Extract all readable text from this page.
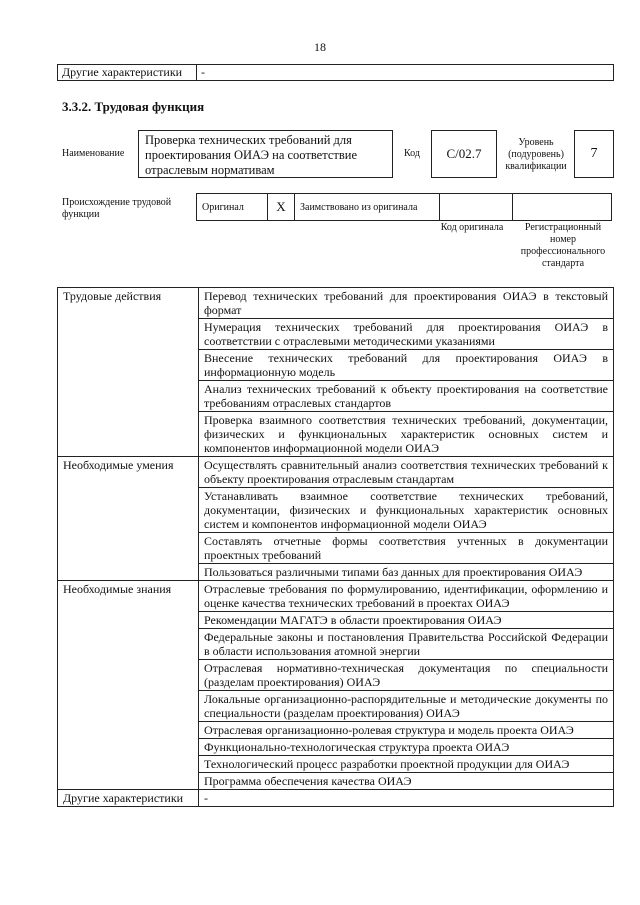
18
Другие характеристики	-
3.3.2. Трудовая функция
Наименование
Проверка технических требований для проектирования ОИАЭ на соответствие отраслевым нормативам
Код	С/02.7
Уровень (подуровень) квалификации
7
Происхождение трудовой функции
Оригинал	X	Заимствовано из оригинала		
Код оригинала	Регистрационный номер профессионального стандарта
Трудовые действия	Перевод технических требований для проектирования ОИАЭ в текстовый формат
	Нумерация технических требований для проектирования ОИАЭ в соответствии с отраслевыми методическими указаниями
	Внесение технических требований для проектирования ОИАЭ в информационную модель
	Анализ технических требований к объекту проектирования на соответствие требованиям отраслевых стандартов
	Проверка взаимного соответствия технических требований, документации, физических и функциональных характеристик основных систем и компонентов информационной модели ОИАЭ
Необходимые умения	Осуществлять сравнительный анализ соответствия технических требований к объекту проектирования отраслевым стандартам
	Устанавливать взаимное соответствие технических требований, документации, физических и функциональных характеристик основных систем и компонентов информационной модели ОИАЭ
	Составлять отчетные формы соответствия учтенных в документации проектных требований
	Пользоваться различными типами баз данных для проектирования ОИАЭ
Необходимые знания	Отраслевые требования по формулированию, идентификации, оформлению и оценке качества технических требований в проектах ОИАЭ
	Рекомендации МАГАТЭ в области проектирования ОИАЭ
	Федеральные законы и постановления Правительства Российской Федерации в области использования атомной энергии
	Отраслевая нормативно-техническая документация по специальности (разделам проектирования) ОИАЭ
	Локальные организационно-распорядительные и методические документы по специальности (разделам проектирования) ОИАЭ
	Отраслевая организационно-ролевая структура и модель проекта ОИАЭ
	Функционально-технологическая структура проекта ОИАЭ
	Технологический процесс разработки проектной продукции для ОИАЭ
	Программа обеспечения качества ОИАЭ
Другие характеристики	-
